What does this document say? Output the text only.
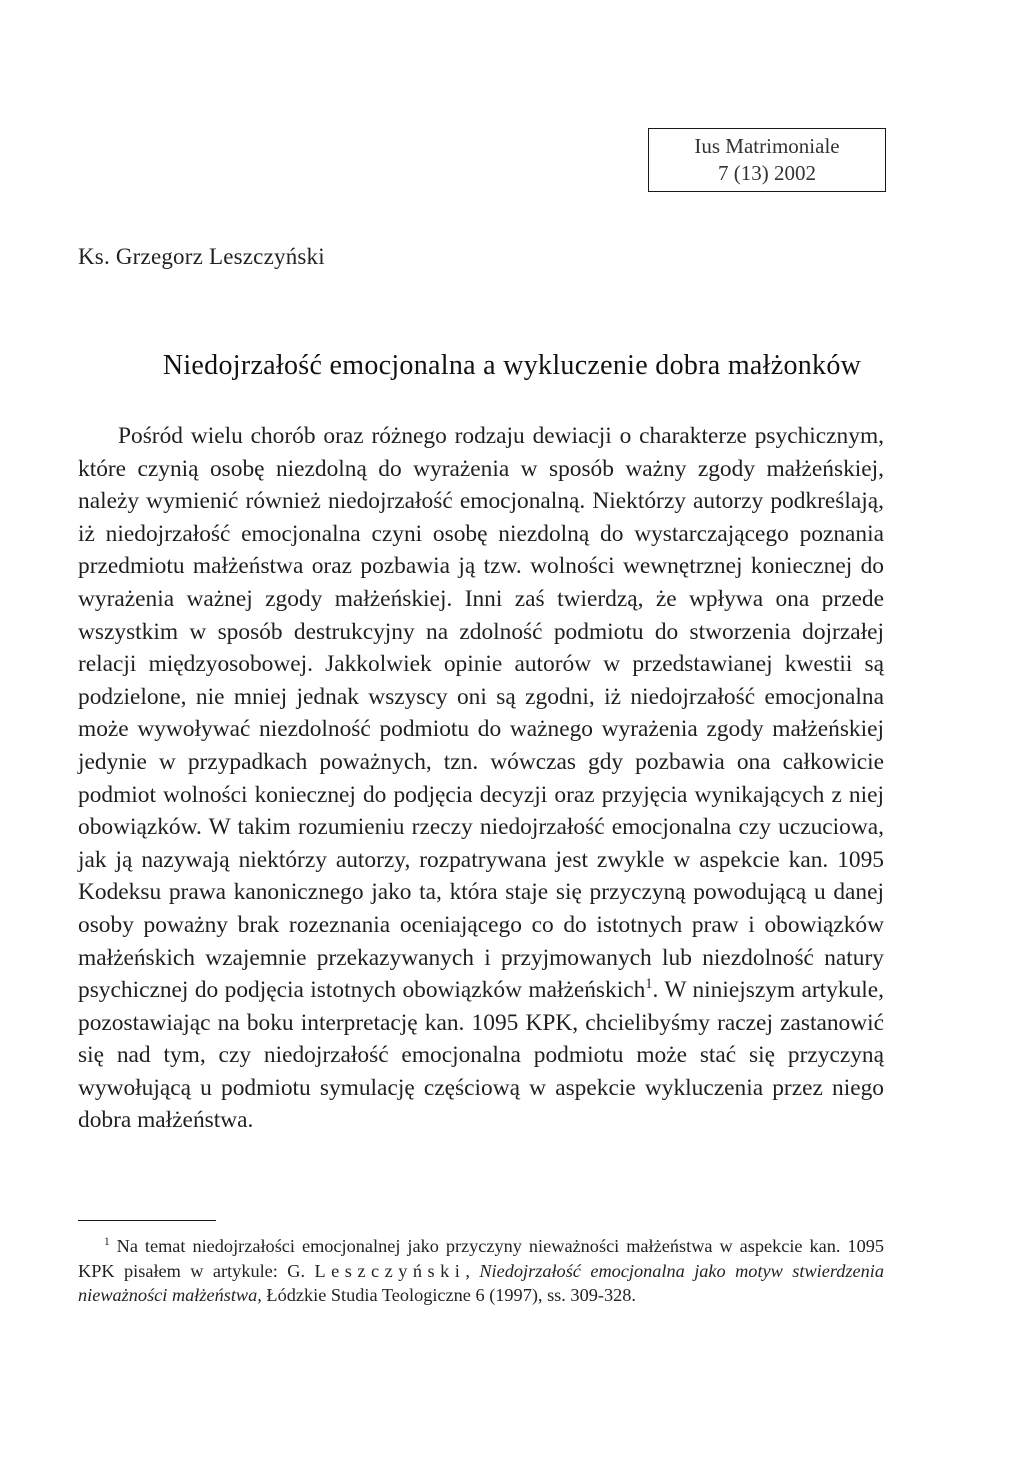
Ius Matrimoniale
7 (13) 2002
Ks. Grzegorz Leszczyński
Niedojrzałość emocjonalna a wykluczenie dobra małżonków

Pośród wielu chorób oraz różnego rodzaju dewiacji o charakterze psychicznym, które czynią osobę niezdolną do wyrażenia w sposób ważny zgody małżeńskiej, należy wymienić również niedojrzałość emocjonalną. Niektórzy autorzy podkreślają, iż niedojrzałość emocjonalna czyni osobę niezdolną do wystarczającego poznania przedmiotu małżeństwa oraz pozbawia ją tzw. wolności wewnętrznej koniecznej do wyrażenia ważnej zgody małżeńskiej. Inni zaś twierdzą, że wpływa ona przede wszystkim w sposób destrukcyjny na zdolność podmiotu do stworzenia dojrzałej relacji międzyosobowej. Jakkolwiek opinie autorów w przedstawianej kwestii są podzielone, nie mniej jednak wszyscy oni są zgodni, iż niedojrzałość emocjonalna może wywoływać niezdolność podmiotu do ważnego wyrażenia zgody małżeńskiej jedynie w przypadkach poważnych, tzn. wówczas gdy pozbawia ona całkowicie podmiot wolności koniecznej do podjęcia decyzji oraz przyjęcia wynikających z niej obowiązków. W takim rozumieniu rzeczy niedojrzałość emocjonalna czy uczuciowa, jak ją nazywają niektórzy autorzy, rozpatrywana jest zwykle w aspekcie kan. 1095 Kodeksu prawa kanonicznego jako ta, która staje się przyczyną powodującą u danej osoby poważny brak rozeznania oceniającego co do istotnych praw i obowiązków małżeńskich wzajemnie przekazywanych i przyjmowanych lub niezdolność natury psychicznej do podjęcia istotnych obowiązków małżeńskich$^1$. W niniejszym artykule, pozostawiając na boku interpretację kan. 1095 KPK, chcielibyśmy raczej zastanowić się nad tym, czy niedojrzałość emocjonalna podmiotu może stać się przyczyną wywołującą u podmiotu symulację częściową w aspekcie wykluczenia przez niego dobra małżeństwa.

$^1$ Na temat niedojrzałości emocjonalnej jako przyczyny nieważności małżeństwa w aspekcie kan. 1095 KPK pisałem w artykule: G. Leszczyński, Niedojrzałość emocjonalna jako motyw stwierdzenia nieważności małżeństwa, Łódzkie Studia Teologiczne 6 (1997), ss. 309-328.
